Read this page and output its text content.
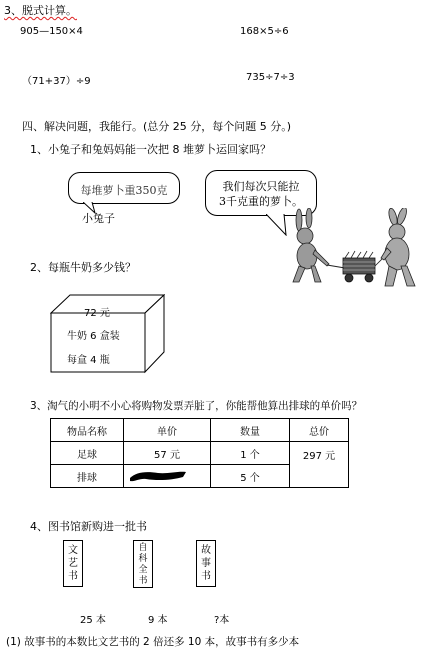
3、脱式计算。
905—150×4	168×5÷6
（71+37）÷9	735÷7÷3
四、解决问题，我能行。(总分 25 分，每个问题 5 分。)
1、小兔子和兔妈妈能一次把 8 堆萝卜运回家吗？
每堆萝卜重350克
小兔子
我们每次只能拉
3千克重的萝卜。
2、每瓶牛奶多少钱？
72 元
牛奶 6 盒装
每盒 4 瓶
3、淘气的小明不小心将购物发票弄脏了，你能帮他算出排球的单价吗？
物品名称	单价	数量	总价
足球	57 元	1 个	297 元
排球		5 个	
4、图书馆新购进一批书
文艺书
自科全书
故事书
25 本	9 本	?本
(1) 故事书的本数比文艺书的 2 倍还多 10 本，故事书有多少本
